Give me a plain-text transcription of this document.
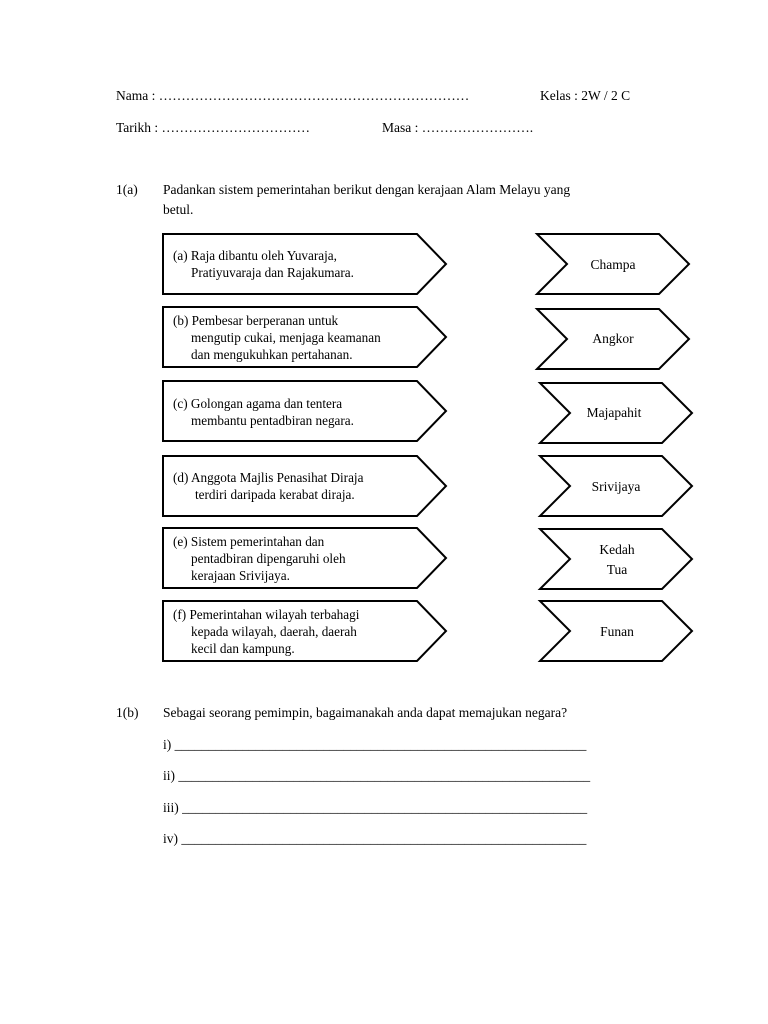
Nama : ……………………………………………………………	Kelas : 2W / 2 C
Tarikh : ……………………………	Masa : …………………….
1(a) Padankan sistem pemerintahan berikut dengan kerajaan Alam Melayu yang
betul.
(a) Raja dibantu oleh Yuvaraja,
Pratiyuvaraja dan Rajakumara.
(b) Pembesar berperanan untuk
mengutip cukai, menjaga keamanan
dan mengukuhkan pertahanan.
(c) Golongan agama dan tentera
membantu pentadbiran negara.
(d) Anggota Majlis Penasihat Diraja
terdiri daripada kerabat diraja.
(e) Sistem pemerintahan dan
pentadbiran dipengaruhi oleh
kerajaan Srivijaya.
(f) Pemerintahan wilayah terbahagi
kepada wilayah, daerah, daerah
kecil dan kampung.
Champa
Angkor
Majapahit
Srivijaya
Kedah
Tua
Funan
1(b) Sebagai seorang pemimpin, bagaimanakah anda dapat memajukan negara?
i) _____________________________________________________________
ii) _____________________________________________________________
iii) ____________________________________________________________
iv) ____________________________________________________________
